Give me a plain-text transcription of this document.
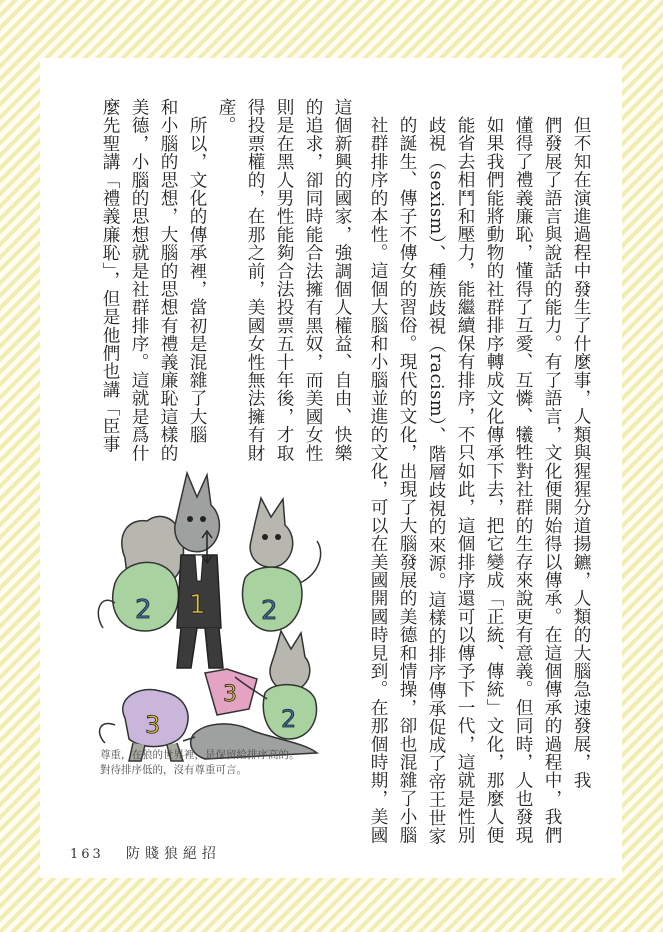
但不知在演進過程中發生了什麼事，人類與猩猩分道揚鑣，人類的大腦急速發展，我
們發展了語言與說話的能力。有了語言，文化便開始得以傳承。在這個傳承的過程中，我們
懂得了禮義廉恥，懂得了互愛、互憐、犧牲對社群的生存來說更有意義。但同時，人也發現
如果我們能將動物的社群排序轉成文化傳承下去，把它變成「正統、傳統」文化，那麼人便
能省去相鬥和壓力，能繼續保有排序，不只如此，這個排序還可以傳予下一代，這就是性別
歧視（sexism）、種族歧視（racism）、階層歧視的來源。這樣的排序傳承促成了帝王世家
的誕生、傳子不傳女的習俗。現代的文化，出現了大腦發展的美德和情操，卻也混雜了小腦
社群排序的本性。這個大腦和小腦並進的文化，可以在美國開國時見到。在那個時期，美國
這個新興的國家，強調個人權益、自由、快樂
的追求，卻同時能合法擁有黑奴，而美國女性
則是在黑人男性能夠合法投票五十年後，才取
得投票權的，在那之前，美國女性無法擁有財
產。
　所以，文化的傳承裡，當初是混雜了大腦
和小腦的思想，大腦的思想有禮義廉恥這樣的
美德，小腦的思想就是社群排序。這就是爲什
麼先聖講「禮義廉恥」，但是他們也講「臣事
2 1 2
3
3
2
尊重，在狼的世界裡，是保留給排序高的。
對待排序低的，沒有尊重可言。
163 防賤狼絕招
